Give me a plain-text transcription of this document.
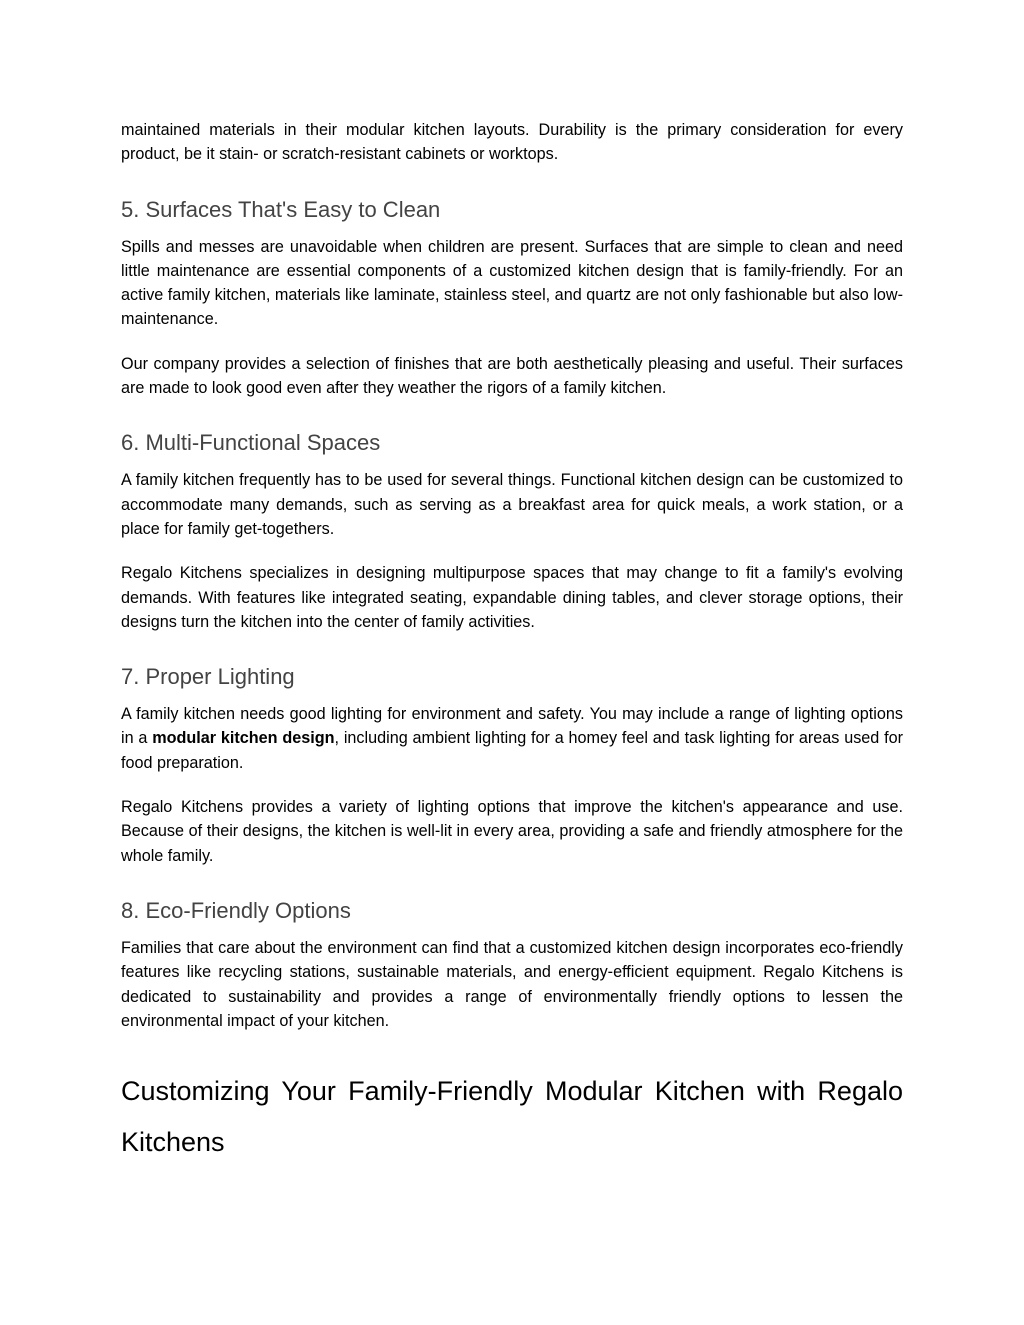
maintained materials in their modular kitchen layouts. Durability is the primary consideration for every product, be it stain- or scratch-resistant cabinets or worktops.

5. Surfaces That's Easy to Clean

Spills and messes are unavoidable when children are present. Surfaces that are simple to clean and need little maintenance are essential components of a customized kitchen design that is family-friendly. For an active family kitchen, materials like laminate, stainless steel, and quartz are not only fashionable but also low-maintenance.

Our company provides a selection of finishes that are both aesthetically pleasing and useful. Their surfaces are made to look good even after they weather the rigors of a family kitchen.

6. Multi-Functional Spaces

A family kitchen frequently has to be used for several things. Functional kitchen design can be customized to accommodate many demands, such as serving as a breakfast area for quick meals, a work station, or a place for family get-togethers.

Regalo Kitchens specializes in designing multipurpose spaces that may change to fit a family's evolving demands. With features like integrated seating, expandable dining tables, and clever storage options, their designs turn the kitchen into the center of family activities.

7. Proper Lighting

A family kitchen needs good lighting for environment and safety. You may include a range of lighting options in a modular kitchen design, including ambient lighting for a homey feel and task lighting for areas used for food preparation.

Regalo Kitchens provides a variety of lighting options that improve the kitchen's appearance and use. Because of their designs, the kitchen is well-lit in every area, providing a safe and friendly atmosphere for the whole family.

8. Eco-Friendly Options

Families that care about the environment can find that a customized kitchen design incorporates eco-friendly features like recycling stations, sustainable materials, and energy-efficient equipment. Regalo Kitchens is dedicated to sustainability and provides a range of environmentally friendly options to lessen the environmental impact of your kitchen.

Customizing Your Family-Friendly Modular Kitchen with Regalo Kitchens
